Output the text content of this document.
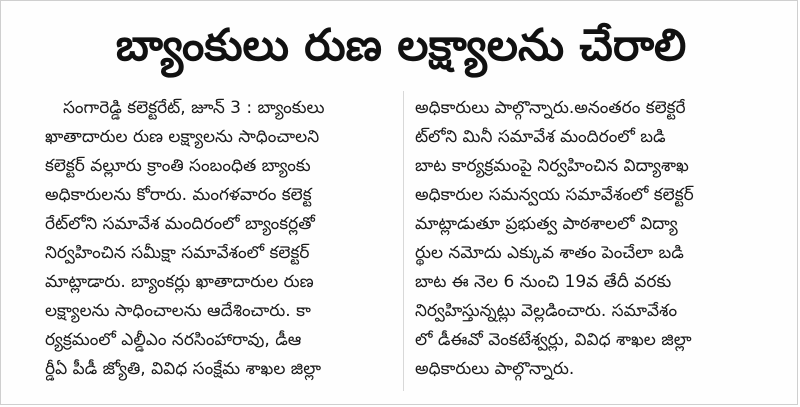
బ్యాంకులు రుణ లక్ష్యాలను చేరాలి
సంగారెడ్డి కలెక్టరేట్, జూన్ 3 : బ్యాంకులు
ఖాతాదారుల రుణ లక్ష్యాలను సాధించాలని
కలెక్టర్ వల్లూరు క్రాంతి సంబంధిత బ్యాంకు
అధికారులను కోరారు. మంగళవారం కలెక్ట
రేట్‌లోని సమావేశ మందిరంలో బ్యాంకర్లతో
నిర్వహించిన సమీక్షా సమావేశంలో కలెక్టర్
మాట్లాడారు. బ్యాంకర్లు ఖాతాదారుల రుణ
లక్ష్యాలను సాధించాలను ఆదేశించారు. కా
ర్యక్రమంలో ఎల్డీఎం నరసింహారావు, డీఆ
ర్డీఏ పీడీ జ్యోతి, వివిధ సంక్షేమ శాఖల జిల్లా
అధికారులు పాల్గొన్నారు.అనంతరం కలెక్టరే
ట్‌లోని మినీ సమావేశ మందిరంలో బడి
బాట కార్యక్రమంపై నిర్వహించిన విద్యాశాఖ
అధికారుల సమన్వయ సమావేశంలో కలెక్టర్
మాట్లాడుతూ ప్రభుత్వ పాఠశాలలో విద్యా
ర్థుల నమోదు ఎక్కువ శాతం పెంచేలా బడి
బాట ఈ నెల 6 నుంచి 19వ తేదీ వరకు
నిర్వహిస్తున్నట్లు వెల్లడించారు. సమావేశం
లో డీఈవో వెంకటేశ్వర్లు, వివిధ శాఖల జిల్లా
అధికారులు పాల్గొన్నారు.
